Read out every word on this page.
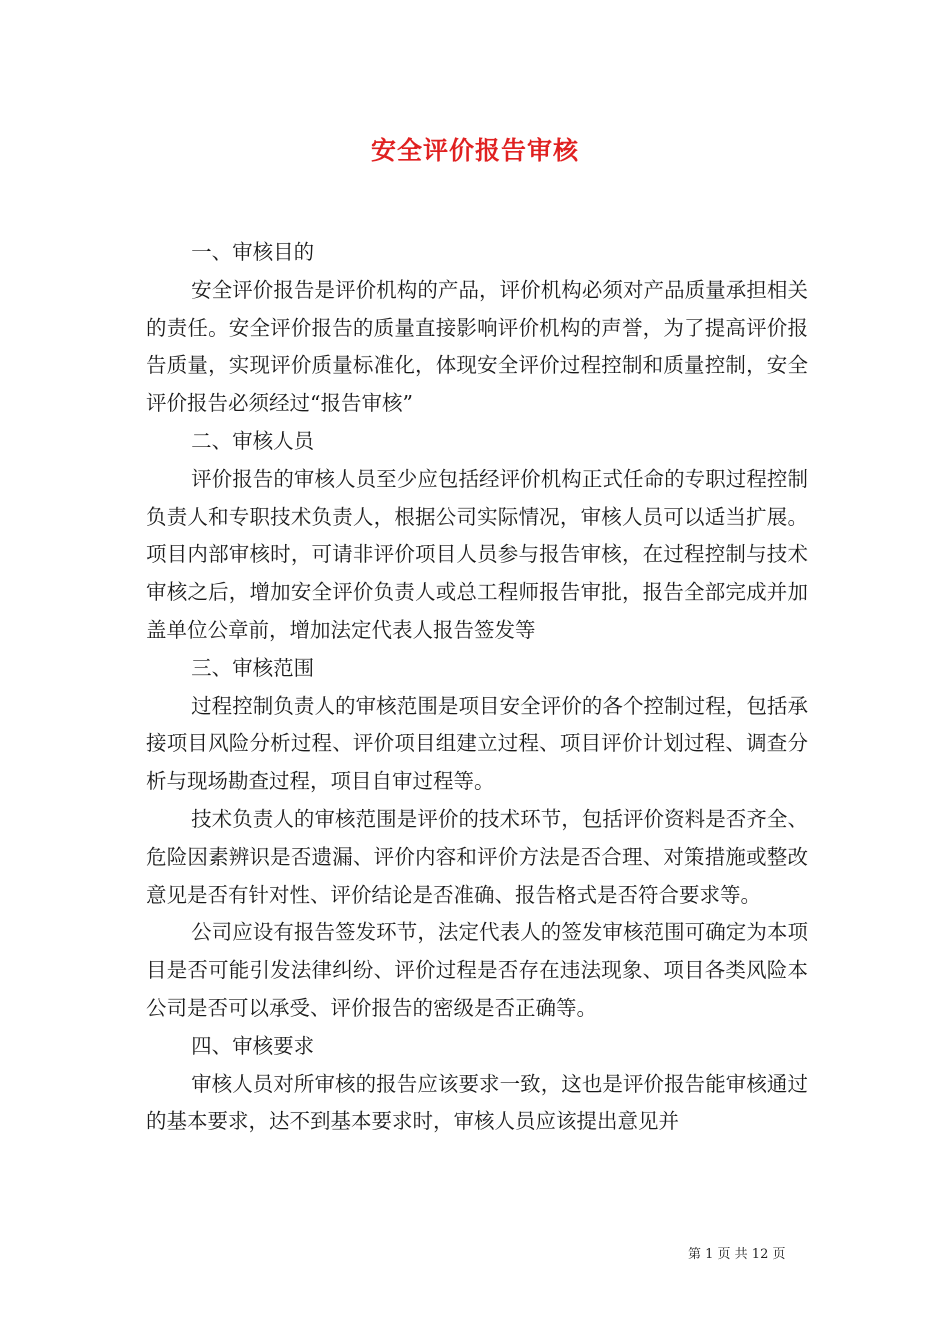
安全评价报告审核

一、审核目的

安全评价报告是评价机构的产品，评价机构必须对产品质量承担相关的责任。安全评价报告的质量直接影响评价机构的声誉，为了提高评价报告质量，实现评价质量标准化，体现安全评价过程控制和质量控制，安全评价报告必须经过“报告审核”

二、审核人员

评价报告的审核人员至少应包括经评价机构正式任命的专职过程控制负责人和专职技术负责人，根据公司实际情况，审核人员可以适当扩展。项目内部审核时，可请非评价项目人员参与报告审核，在过程控制与技术审核之后，增加安全评价负责人或总工程师报告审批，报告全部完成并加盖单位公章前，增加法定代表人报告签发等

三、审核范围

过程控制负责人的审核范围是项目安全评价的各个控制过程，包括承接项目风险分析过程、评价项目组建立过程、项目评价计划过程、调查分析与现场勘查过程，项目自审过程等。

技术负责人的审核范围是评价的技术环节，包括评价资料是否齐全、危险因素辨识是否遗漏、评价内容和评价方法是否合理、对策措施或整改意见是否有针对性、评价结论是否准确、报告格式是否符合要求等。

公司应设有报告签发环节，法定代表人的签发审核范围可确定为本项目是否可能引发法律纠纷、评价过程是否存在违法现象、项目各类风险本公司是否可以承受、评价报告的密级是否正确等。

四、审核要求

审核人员对所审核的报告应该要求一致，这也是评价报告能审核通过的基本要求，达不到基本要求时，审核人员应该提出意见并

第 1 页 共 12 页
